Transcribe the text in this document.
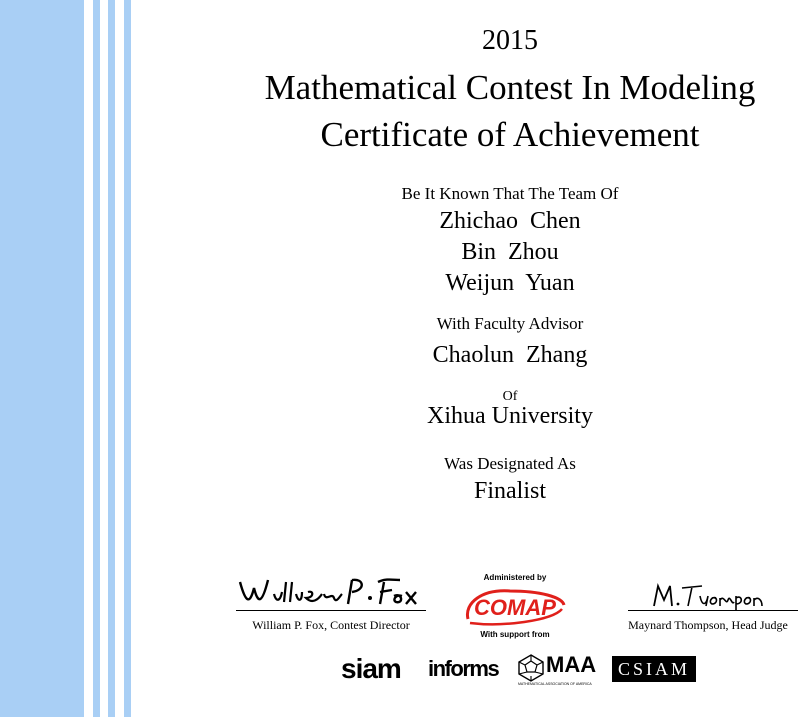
2015
Mathematical Contest In Modeling
Certificate of Achievement
Be It Known That The Team Of
Zhichao  Chen
Bin  Zhou
Weijun  Yuan
With Faculty Advisor
Chaolun  Zhang
Of
Xihua University
Was Designated As
Finalist
William P. Fox, Contest Director	Maynard Thompson, Head Judge
Administered by
COMAP
With support from
siam	informs	MAA
MATHEMATICAL ASSOCIATION OF AMERICA
CSIAM
